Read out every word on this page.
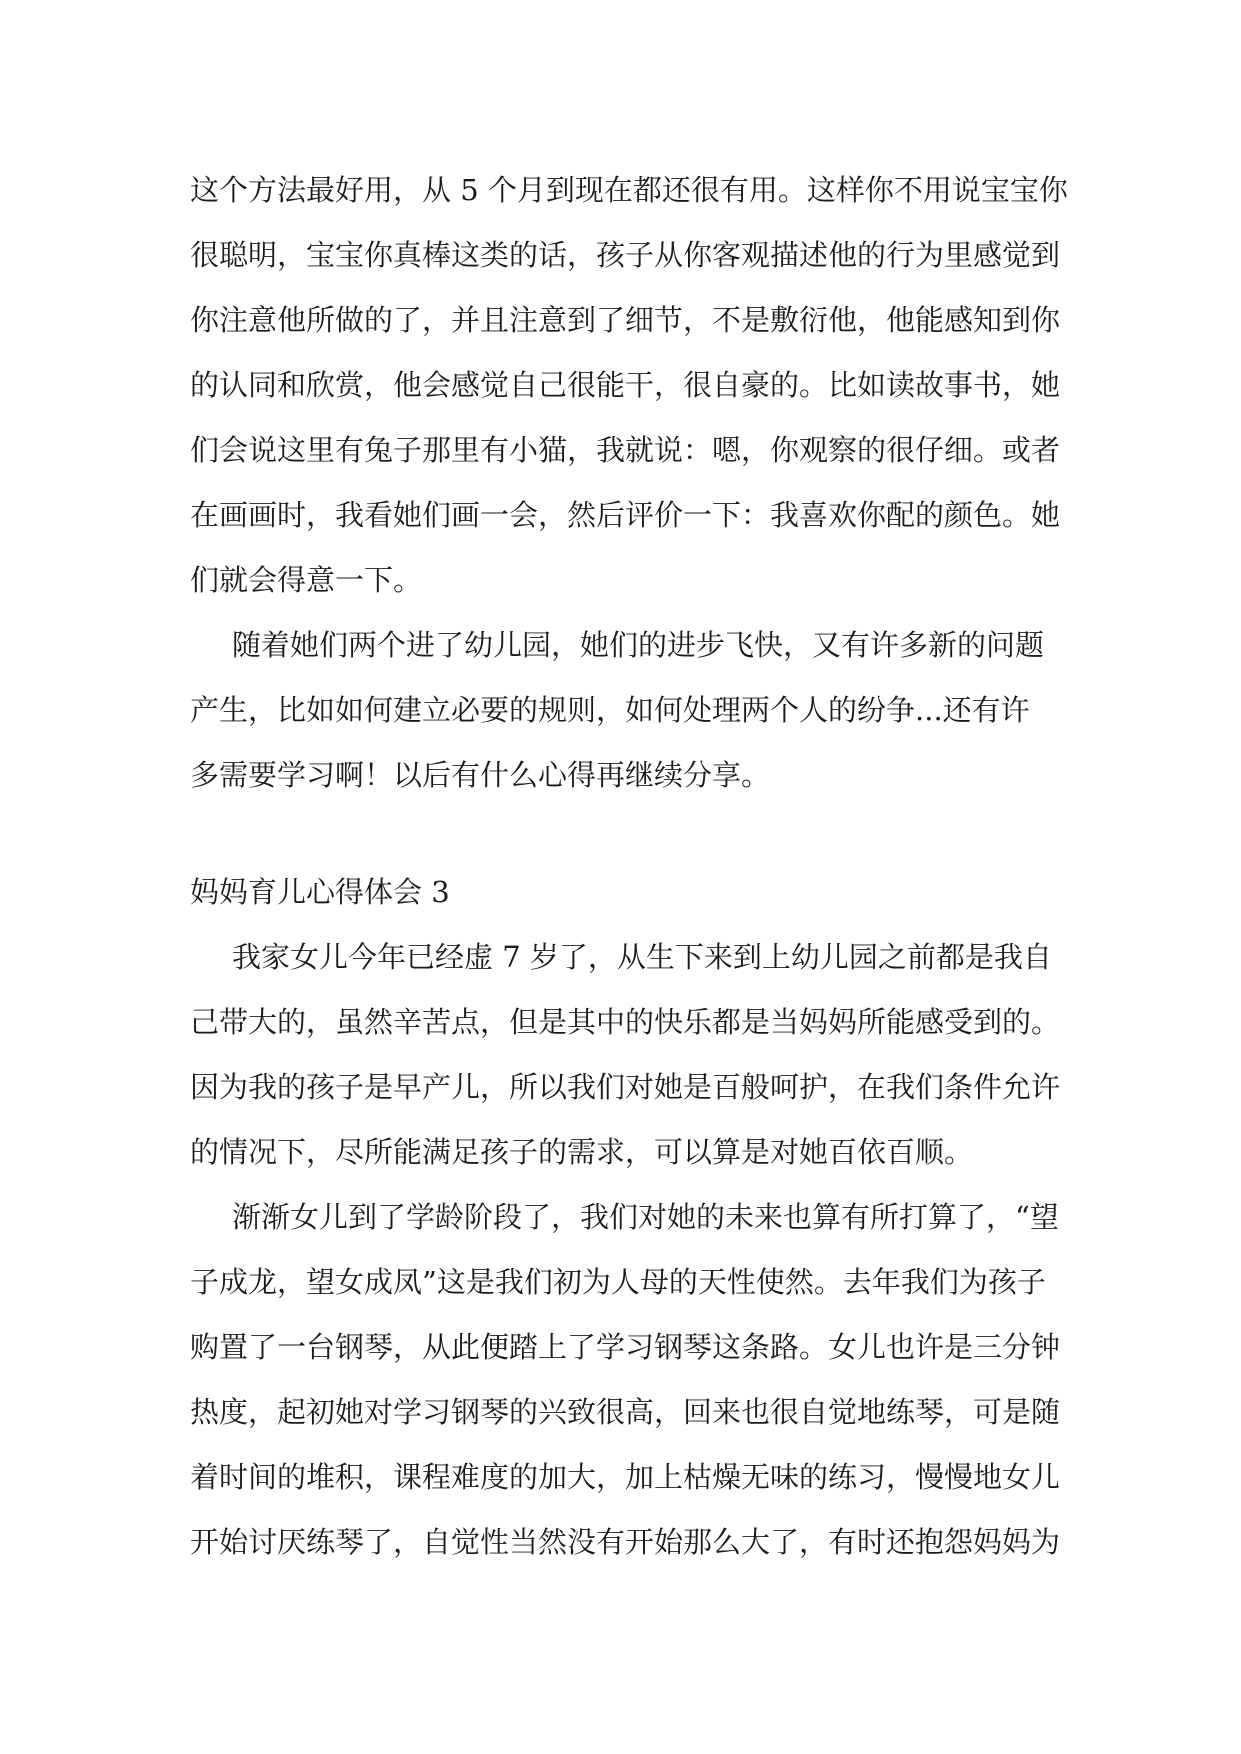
这个方法最好用，从 5 个月到现在都还很有用。这样你不用说宝宝你
很聪明，宝宝你真棒这类的话，孩子从你客观描述他的行为里感觉到
你注意他所做的了，并且注意到了细节，不是敷衍他，他能感知到你
的认同和欣赏，他会感觉自己很能干，很自豪的。比如读故事书，她
们会说这里有兔子那里有小猫，我就说：嗯，你观察的很仔细。或者
在画画时，我看她们画一会，然后评价一下：我喜欢你配的颜色。她
们就会得意一下。
随着她们两个进了幼儿园，她们的进步飞快，又有许多新的问题
产生，比如如何建立必要的规则，如何处理两个人的纷争...还有许
多需要学习啊！以后有什么心得再继续分享。
妈妈育儿心得体会 3
我家女儿今年已经虚 7 岁了，从生下来到上幼儿园之前都是我自
己带大的，虽然辛苦点，但是其中的快乐都是当妈妈所能感受到的。
因为我的孩子是早产儿，所以我们对她是百般呵护，在我们条件允许
的情况下，尽所能满足孩子的需求，可以算是对她百依百顺。
渐渐女儿到了学龄阶段了，我们对她的未来也算有所打算了，“望
子成龙，望女成凤”这是我们初为人母的天性使然。去年我们为孩子
购置了一台钢琴，从此便踏上了学习钢琴这条路。女儿也许是三分钟
热度，起初她对学习钢琴的兴致很高，回来也很自觉地练琴，可是随
着时间的堆积，课程难度的加大，加上枯燥无味的练习，慢慢地女儿
开始讨厌练琴了，自觉性当然没有开始那么大了，有时还抱怨妈妈为
